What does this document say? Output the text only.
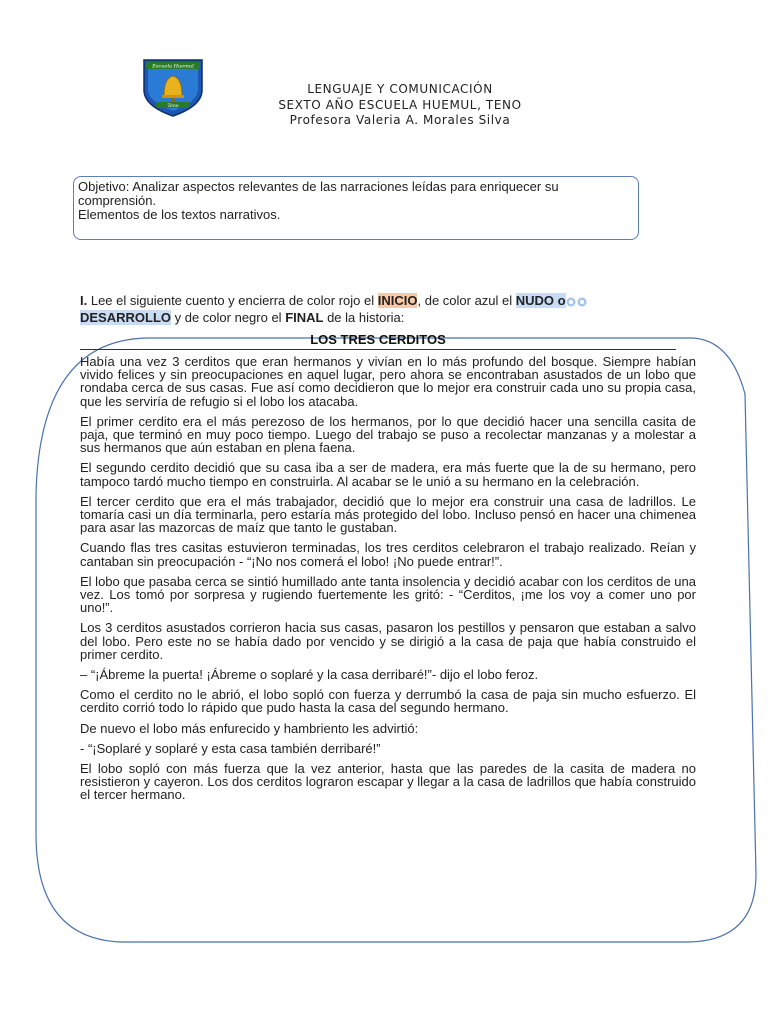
Escuela Huemul
Teno
LENGUAJE Y COMUNICACIÓN
SEXTO AÑO ESCUELA HUEMUL, TENO
Profesora Valeria A. Morales Silva
Objetivo: Analizar aspectos relevantes de las narraciones leídas para enriquecer su
comprensión.
Elementos de los textos narrativos.
I. Lee el siguiente cuento y encierra de color rojo el INICIO, de color azul el NUDO o
DESARROLLO y de color negro el FINAL de la historia:
LOS TRES CERDITOS

Había una vez 3 cerditos que eran hermanos y vivían en lo más profundo del bosque. Siempre habían vivido felices y sin preocupaciones en aquel lugar, pero ahora se encontraban asustados de un lobo que rondaba cerca de sus casas. Fue así como decidieron que lo mejor era construir cada uno su propia casa, que les serviría de refugio si el lobo los atacaba.

El primer cerdito era el más perezoso de los hermanos, por lo que decidió hacer una sencilla casita de paja, que terminó en muy poco tiempo. Luego del trabajo se puso a recolectar manzanas y a molestar a sus hermanos que aún estaban en plena faena.

El segundo cerdito decidió que su casa iba a ser de madera, era más fuerte que la de su hermano, pero tampoco tardó mucho tiempo en construirla. Al acabar se le unió a su hermano en la celebración.

El tercer cerdito que era el más trabajador, decidió que lo mejor era construir una casa de ladrillos. Le tomaría casi un día terminarla, pero estaría más protegido del lobo. Incluso pensó en hacer una chimenea para asar las mazorcas de maíz que tanto le gustaban.

Cuando flas tres casitas estuvieron terminadas, los tres cerditos celebraron el trabajo realizado. Reían y cantaban sin preocupación - “¡No nos comerá el lobo! ¡No puede entrar!”.

El lobo que pasaba cerca se sintió humillado ante tanta insolencia y decidió acabar con los cerditos de una vez. Los tomó por sorpresa y rugiendo fuertemente les gritó: - “Cerditos, ¡me los voy a comer uno por uno!”.

Los 3 cerditos asustados corrieron hacia sus casas, pasaron los pestillos y pensaron que estaban a salvo del lobo. Pero este no se había dado por vencido y se dirigió a la casa de paja que había construido el primer cerdito.

– “¡Ábreme la puerta! ¡Ábreme o soplaré y la casa derribaré!”- dijo el lobo feroz.

Como el cerdito no le abrió, el lobo sopló con fuerza y derrumbó la casa de paja sin mucho esfuerzo. El cerdito corrió todo lo rápido que pudo hasta la casa del segundo hermano.

De nuevo el lobo más enfurecido y hambriento les advirtió:

- “¡Soplaré y soplaré y esta casa también derribaré!”

El lobo sopló con más fuerza que la vez anterior, hasta que las paredes de la casita de madera no resistieron y cayeron. Los dos cerditos lograron escapar y llegar a la casa de ladrillos que había construido el tercer hermano.
